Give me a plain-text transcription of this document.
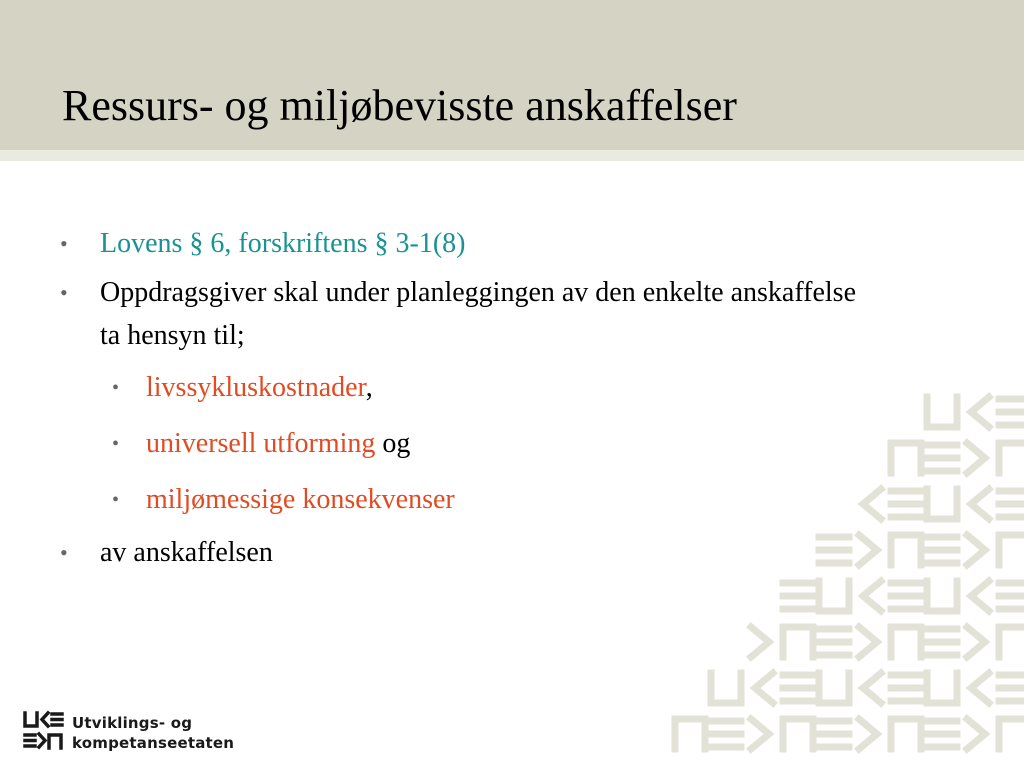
Ressurs- og miljøbevisste anskaffelser
•	Lovens § 6, forskriftens § 3-1(8)
•	Oppdragsgiver skal under planleggingen av den enkelte anskaffelse ta hensyn til;
• livssykluskostnader,
• universell utforming og
• miljømessige konsekvenser
•	av anskaffelsen

Utviklings- og
kompetanseetaten
